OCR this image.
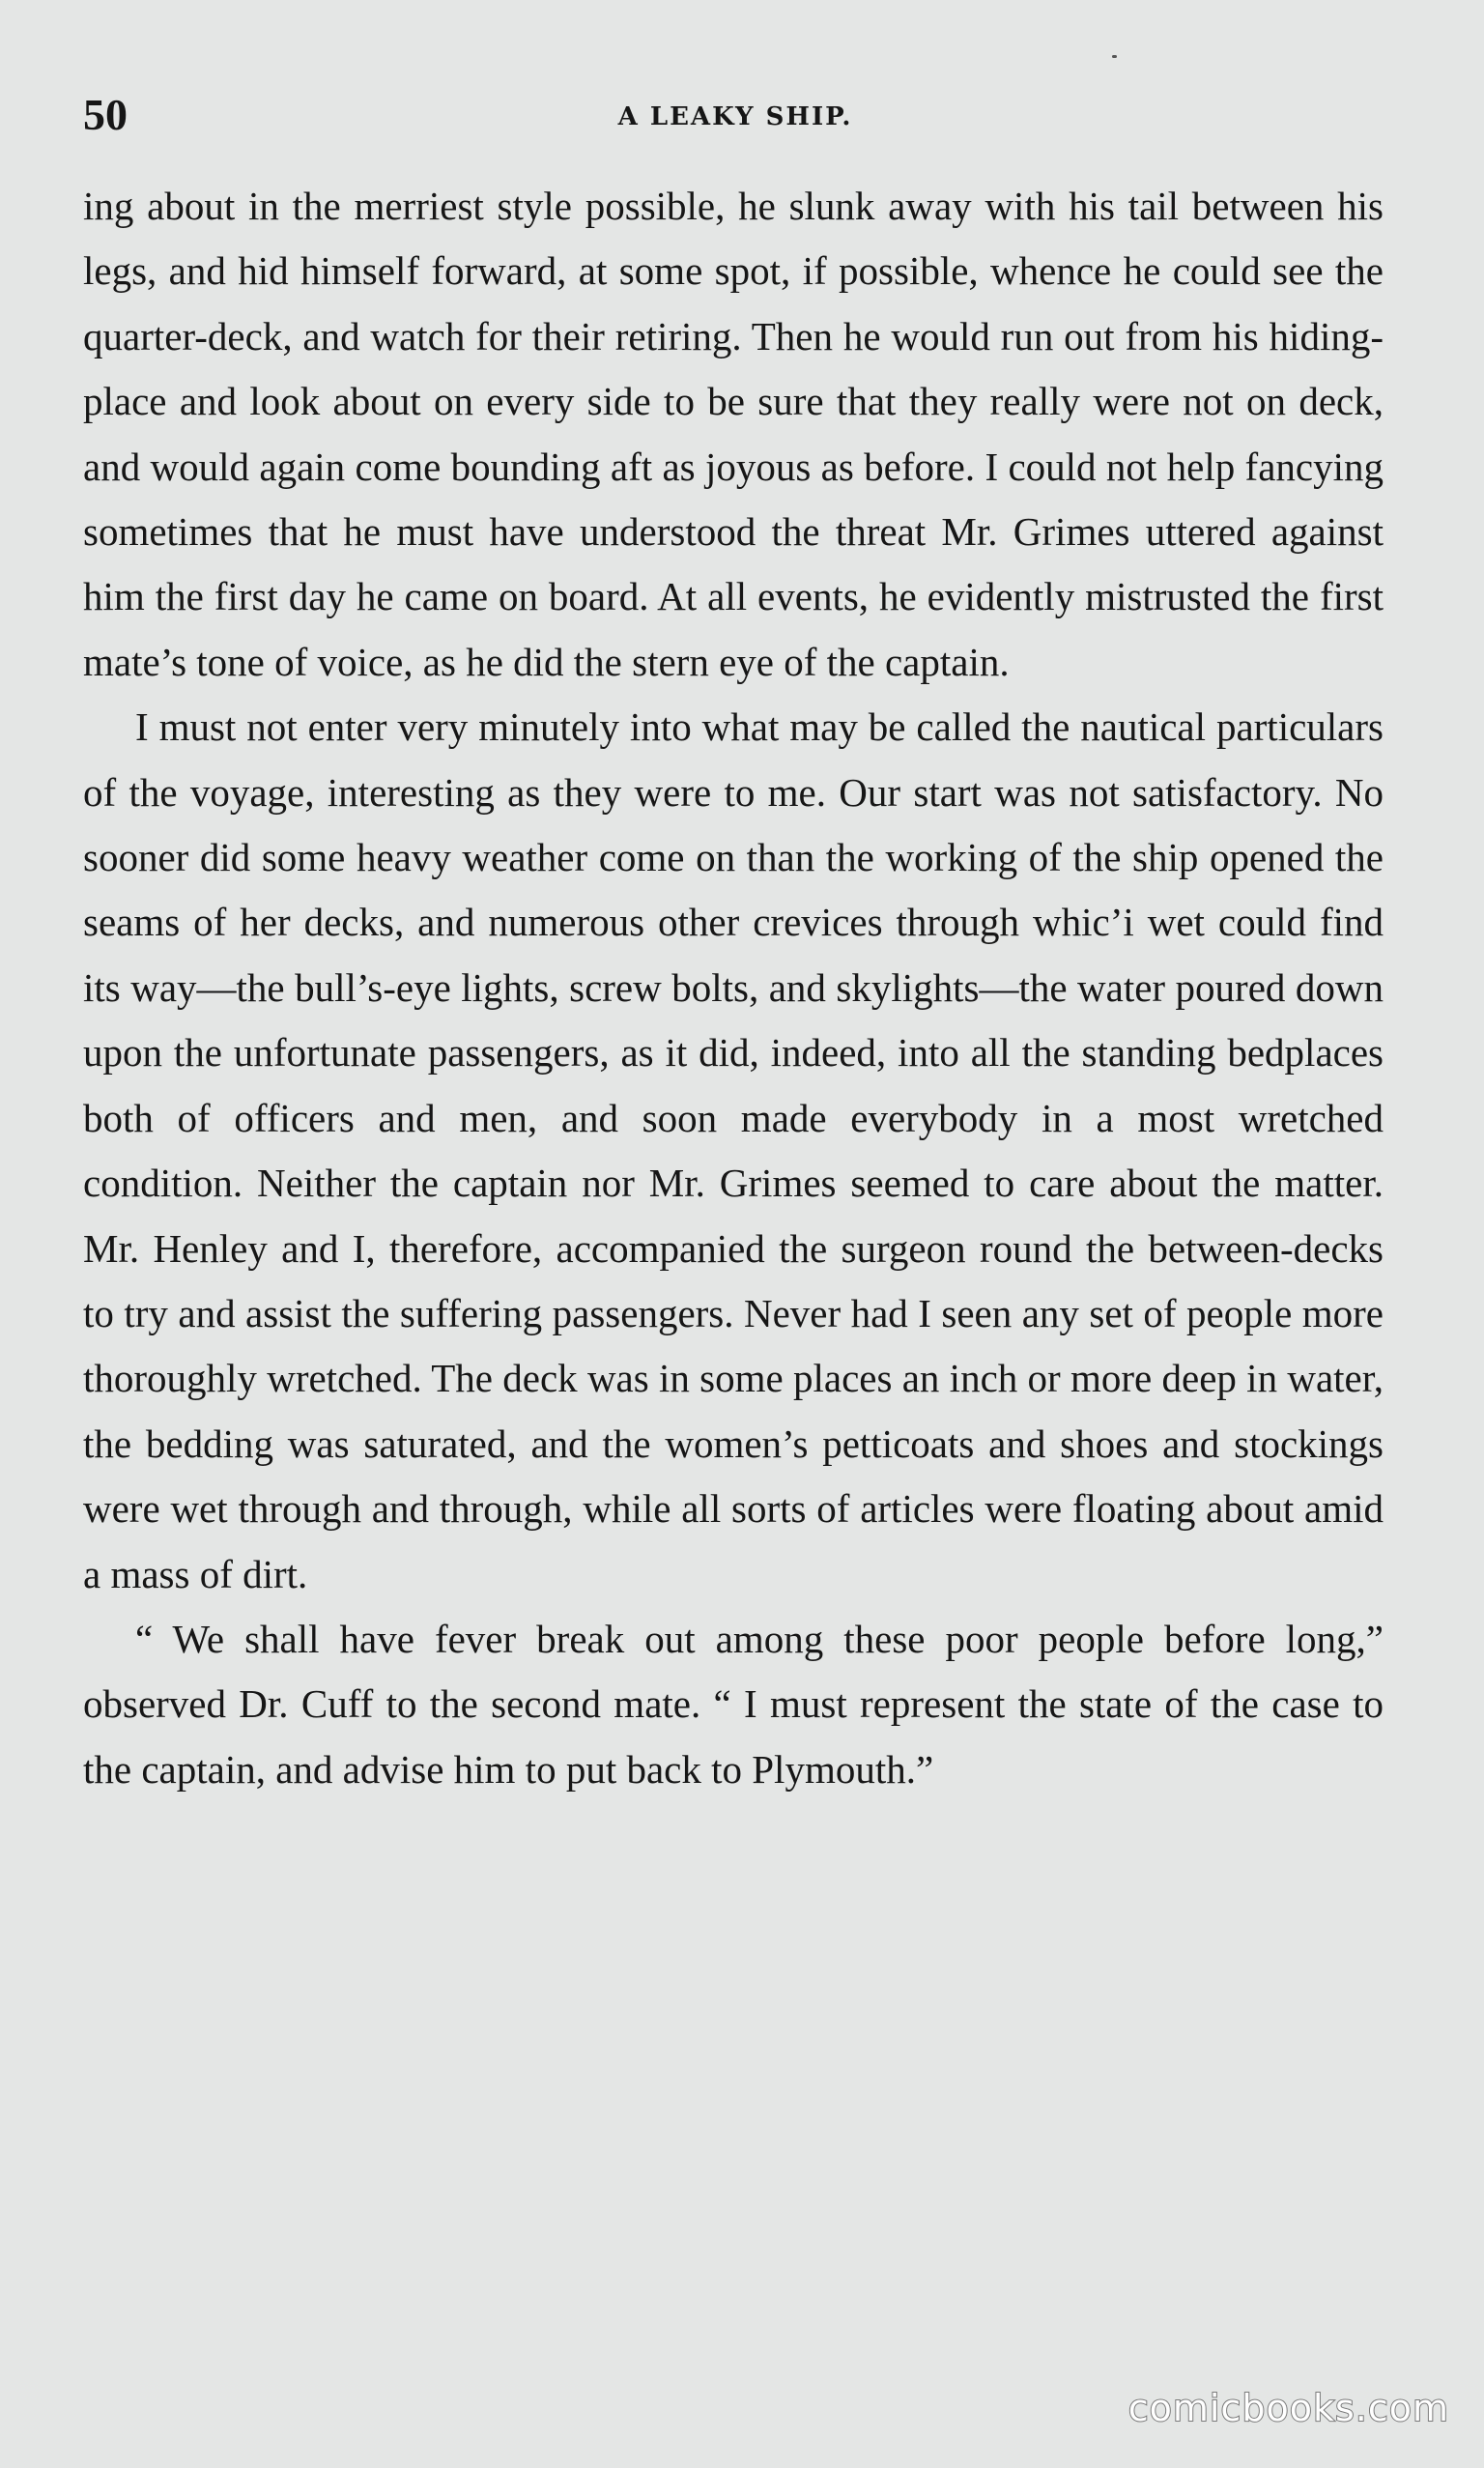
50	A LEAKY SHIP.

ing about in the merriest style possible, he slunk away with his tail between his legs, and hid himself forward, at some spot, if possible, whence he could see the quarter-deck, and watch for their retiring. Then he would run out from his hiding-place and look about on every side to be sure that they really were not on deck, and would again come bounding aft as joyous as before. I could not help fancying sometimes that he must have understood the threat Mr. Grimes uttered against him the first day he came on board. At all events, he evidently mistrusted the first mate’s tone of voice, as he did the stern eye of the captain.

I must not enter very minutely into what may be called the nautical particulars of the voyage, interesting as they were to me. Our start was not satisfactory. No sooner did some heavy weather come on than the working of the ship opened the seams of her decks, and numerous other crevices through whic’i wet could find its way—the bull’s-eye lights, screw bolts, and skylights—the water poured down upon the unfortunate passengers, as it did, indeed, into all the standing bedplaces both of officers and men, and soon made everybody in a most wretched condition. Neither the captain nor Mr. Grimes seemed to care about the matter. Mr. Henley and I, therefore, accompanied the surgeon round the between-decks to try and assist the suffering passengers. Never had I seen any set of people more thoroughly wretched. The deck was in some places an inch or more deep in water, the bedding was saturated, and the women’s petticoats and shoes and stockings were wet through and through, while all sorts of articles were floating about amid a mass of dirt.

“ We shall have fever break out among these poor people before long,” observed Dr. Cuff to the second mate. “ I must represent the state of the case to the captain, and advise him to put back to Plymouth.”

comicbooks.com
